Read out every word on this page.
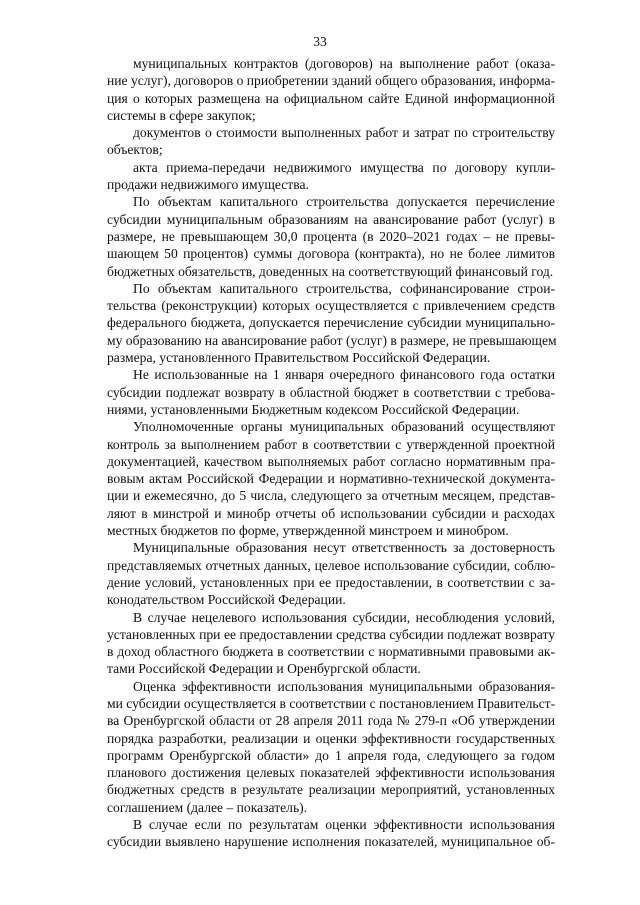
33

муниципальных контрактов (договоров) на выполнение работ (оказа-
ние услуг), договоров о приобретении зданий общего образования, информа-
ция о которых размещена на официальном сайте Единой информационной
системы в сфере закупок;

документов о стоимости выполненных работ и затрат по строительству
объектов;

акта приема-передачи недвижимого имущества по договору купли-
продажи недвижимого имущества.

По объектам капитального строительства допускается перечисление
субсидии муниципальным образованиям на авансирование работ (услуг) в
размере, не превышающем 30,0 процента (в 2020–2021 годах – не превы-
шающем 50 процентов) суммы договора (контракта), но не более лимитов
бюджетных обязательств, доведенных на соответствующий финансовый год.

По объектам капитального строительства, софинансирование строи-
тельства (реконструкции) которых осуществляется с привлечением средств
федерального бюджета, допускается перечисление субсидии муниципально-
му образованию на авансирование работ (услуг) в размере, не превышающем
размера, установленного Правительством Российской Федерации.

Не использованные на 1 января очередного финансового года остатки
субсидии подлежат возврату в областной бюджет в соответствии с требова-
ниями, установленными Бюджетным кодексом Российской Федерации.

Уполномоченные органы муниципальных образований осуществляют
контроль за выполнением работ в соответствии с утвержденной проектной
документацией, качеством выполняемых работ согласно нормативным пра-
вовым актам Российской Федерации и нормативно-технической документа-
ции и ежемесячно, до 5 числа, следующего за отчетным месяцем, представ-
ляют в минстрой и минобр отчеты об использовании субсидии и расходах
местных бюджетов по форме, утвержденной минстроем и минобром.

Муниципальные образования несут ответственность за достоверность
представляемых отчетных данных, целевое использование субсидии, соблю-
дение условий, установленных при ее предоставлении, в соответствии с за-
конодательством Российской Федерации.

В случае нецелевого использования субсидии, несоблюдения условий,
установленных при ее предоставлении средства субсидии подлежат возврату
в доход областного бюджета в соответствии с нормативными правовыми ак-
тами Российской Федерации и Оренбургской области.

Оценка эффективности использования муниципальными образования-
ми субсидии осуществляется в соответствии с постановлением Правительст-
ва Оренбургской области от 28 апреля 2011 года № 279-п «Об утверждении
порядка разработки, реализации и оценки эффективности государственных
программ Оренбургской области» до 1 апреля года, следующего за годом
планового достижения целевых показателей эффективности использования
бюджетных средств в результате реализации мероприятий, установленных
соглашением (далее – показатель).

В случае если по результатам оценки эффективности использования
субсидии выявлено нарушение исполнения показателей, муниципальное об-
